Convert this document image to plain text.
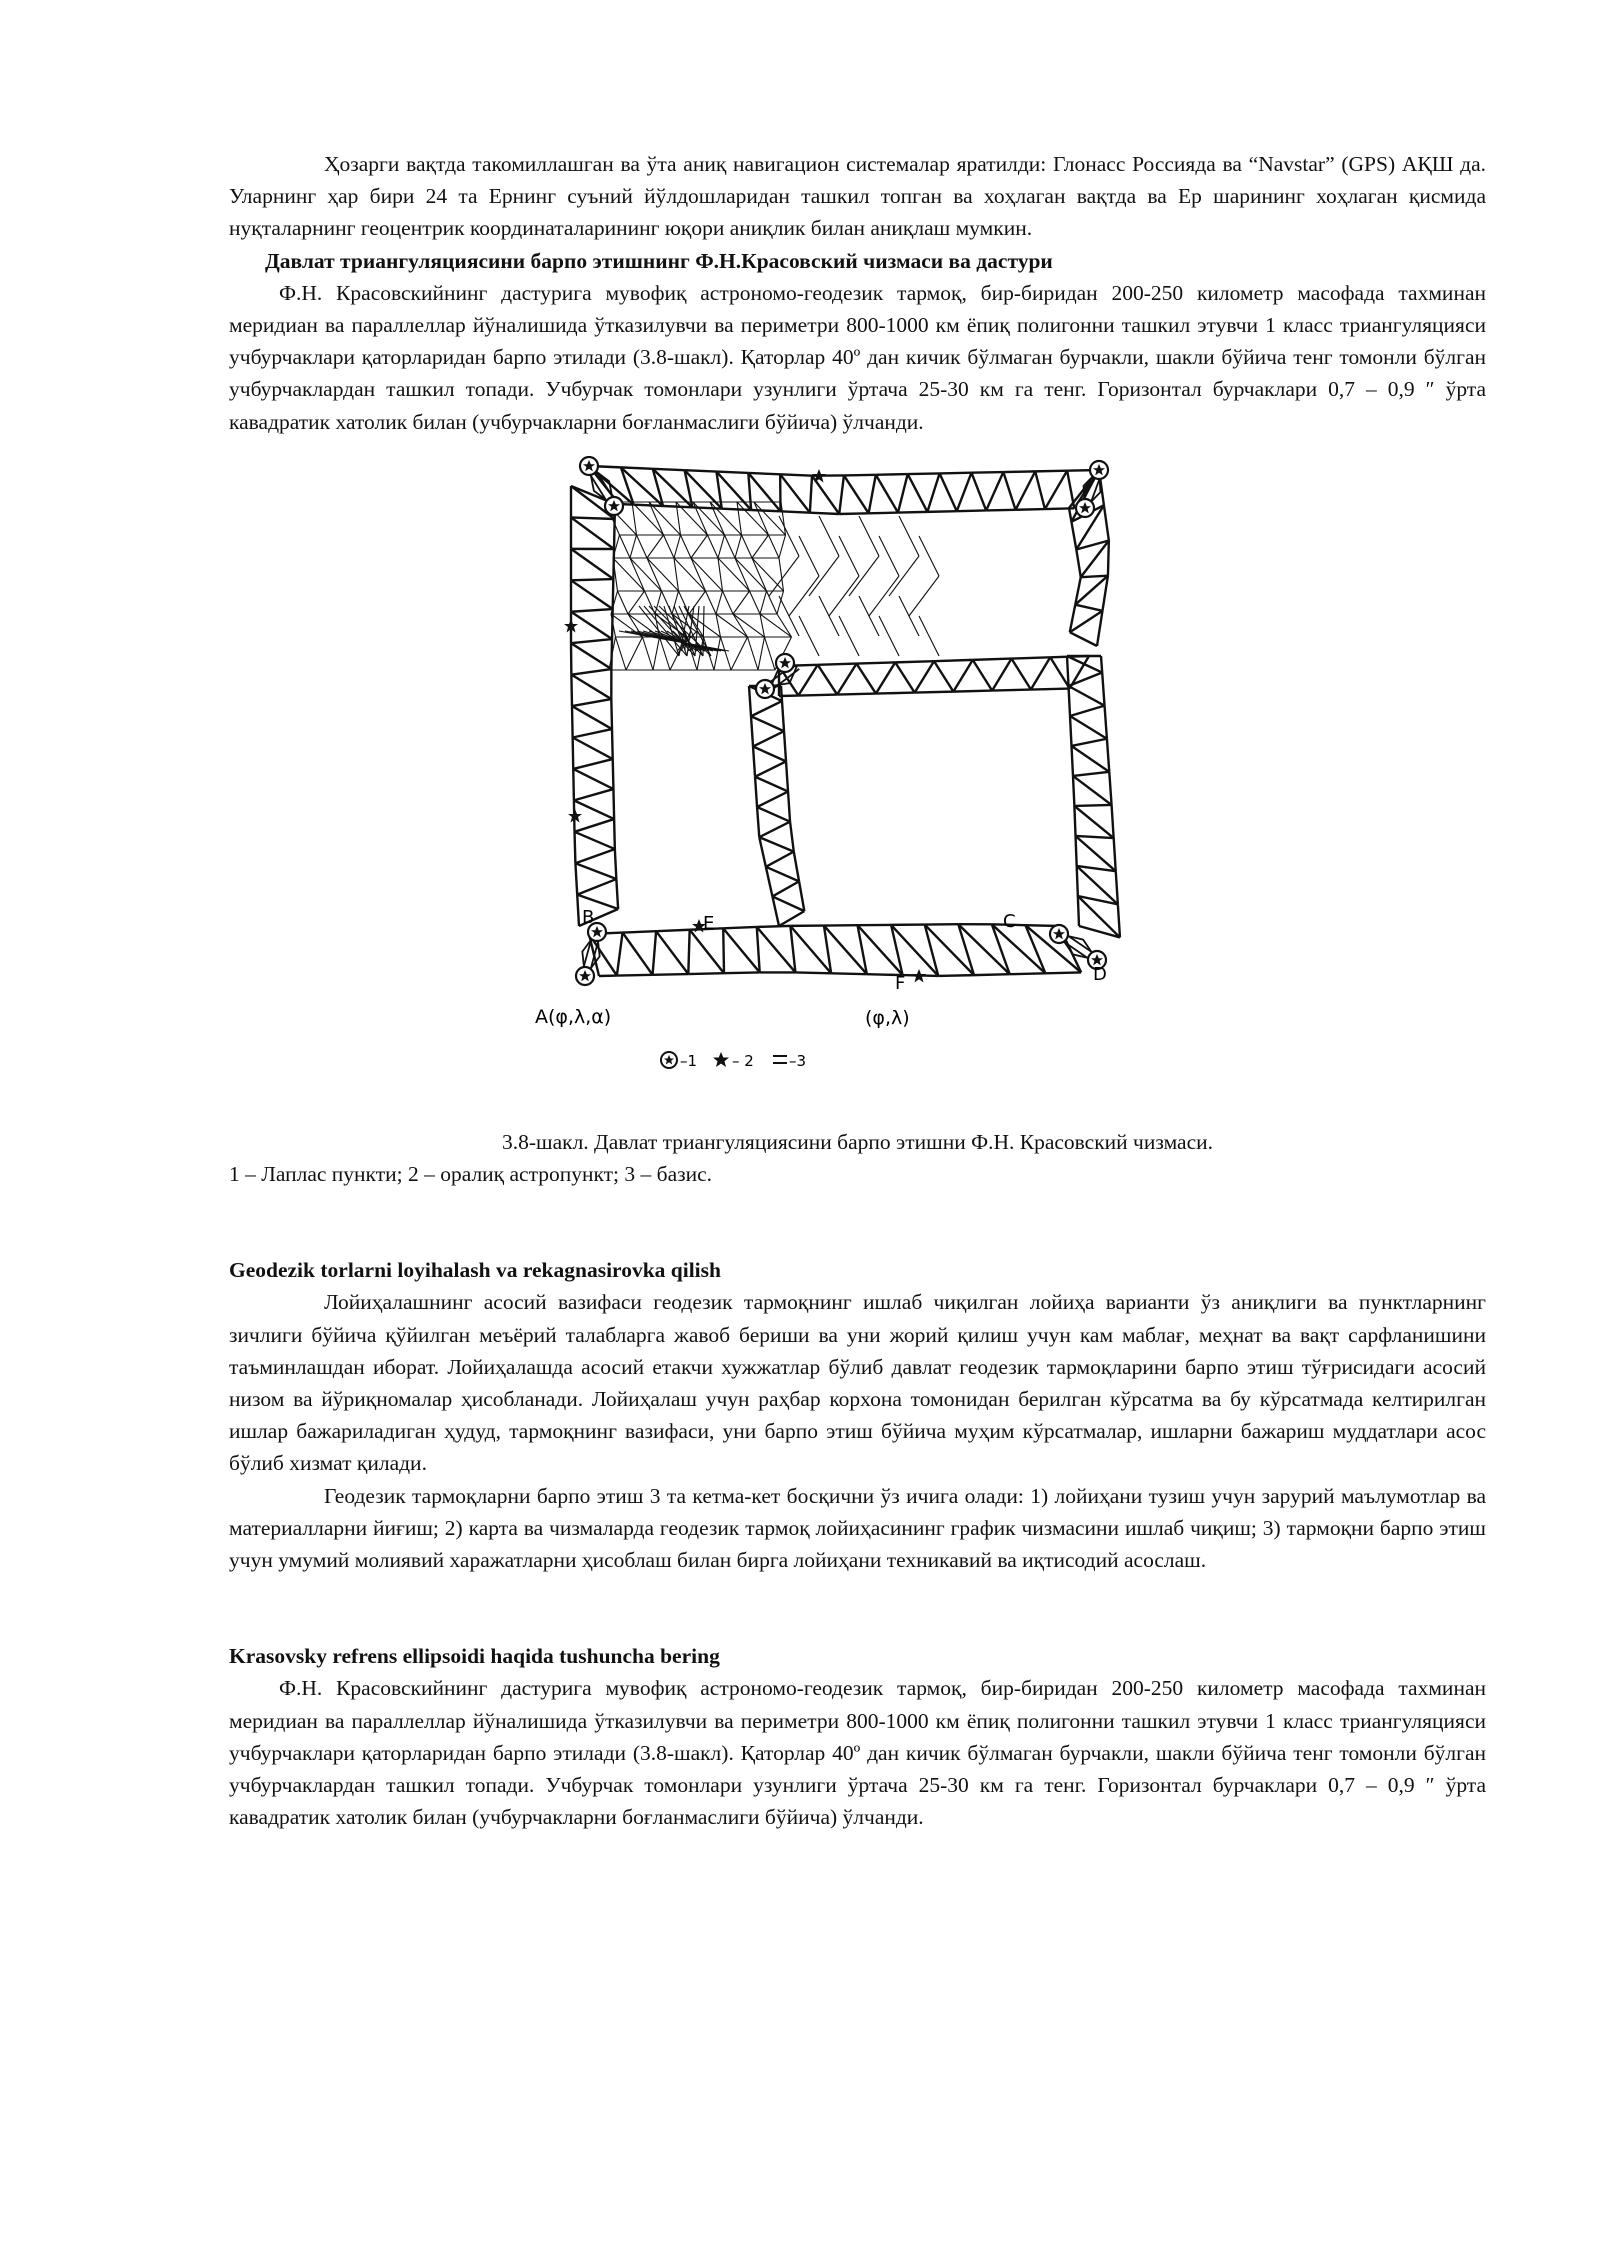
Ҳозарги вақтда такомиллашган ва ўта аниқ навигацион системалар яратилди: Глонасс Россияда ва “Navstar” (GPS) АҚШ да. Уларнинг ҳар бири 24 та Ернинг суъний йўлдошларидан ташкил топган ва хоҳлаган вақтда ва Ер шарининг хоҳлаган қисмида нуқталарнинг геоцентрик координаталарининг юқори аниқлик билан аниқлаш мумкин.

Давлат триангуляциясини барпо этишнинг Ф.Н.Красовский чизмаси ва дастури

Ф.Н. Красовскийнинг дастурига мувофиқ астрономо-геодезик тармоқ, бир-биридан 200-250 километр масофада тахминан меридиан ва параллеллар йўналишида ўтказилувчи ва периметри 800-1000 км ёпиқ полигонни ташкил этувчи 1 класс триангуляцияси учбурчаклари қаторларидан барпо этилади (3.8-шакл). Қаторлар 40º дан кичик бўлмаган бурчакли, шакли бўйича тенг томонли бўлган учбурчаклардан ташкил топади. Учбурчак томонлари узунлиги ўртача 25-30 км га тенг. Горизонтал бурчаклари 0,7 – 0,9 ″ ўрта кавадратик хатолик билан (учбурчакларни боғланмаслиги бўйича) ўлчанди.

B	E	C
D
F
A(φ,λ,α)	(φ,λ)
–1 – 2 –3

3.8-шакл. Давлат триангуляциясини барпо этишни Ф.Н. Красовский чизмаси.

1 – Лаплас пункти; 2 – оралиқ астропункт; 3 – базис.

Geodezik torlarni loyihalash va rekagnasirovka qilish

Лойиҳалашнинг асосий вазифаси геодезик тармоқнинг ишлаб чиқилган лойиҳа варианти ўз аниқлиги ва пунктларнинг зичлиги бўйича қўйилган меъёрий талабларга жавоб бериши ва уни жорий қилиш учун кам маблағ, меҳнат ва вақт сарфланишини таъминлашдан иборат. Лойиҳалашда асосий етакчи хужжатлар бўлиб давлат геодезик тармоқларини барпо этиш тўғрисидаги асосий низом ва йўриқномалар ҳисобланади. Лойиҳалаш учун раҳбар корхона томонидан берилган кўрсатма ва бу кўрсатмада келтирилган ишлар бажариладиган ҳудуд, тармоқнинг вазифаси, уни барпо этиш бўйича муҳим кўрсатмалар, ишларни бажариш муддатлари асос бўлиб хизмат қилади.

Геодезик тармоқларни барпо этиш 3 та кетма-кет босқични ўз ичига олади: 1) лойиҳани тузиш учун зарурий маълумотлар ва материалларни йиғиш; 2) карта ва чизмаларда геодезик тармоқ лойиҳасининг график чизмасини ишлаб чиқиш; 3) тармоқни барпо этиш учун умумий молиявий харажатларни ҳисоблаш билан бирга лойиҳани техникавий ва иқтисодий асослаш.

Krasovsky refrens ellipsoidi haqida tushuncha bering

Ф.Н. Красовскийнинг дастурига мувофиқ астрономо-геодезик тармоқ, бир-биридан 200-250 километр масофада тахминан меридиан ва параллеллар йўналишида ўтказилувчи ва периметри 800-1000 км ёпиқ полигонни ташкил этувчи 1 класс триангуляцияси учбурчаклари қаторларидан барпо этилади (3.8-шакл). Қаторлар 40º дан кичик бўлмаган бурчакли, шакли бўйича тенг томонли бўлган учбурчаклардан ташкил топади. Учбурчак томонлари узунлиги ўртача 25-30 км га тенг. Горизонтал бурчаклари 0,7 – 0,9 ″ ўрта кавадратик хатолик билан (учбурчакларни боғланмаслиги бўйича) ўлчанди.
